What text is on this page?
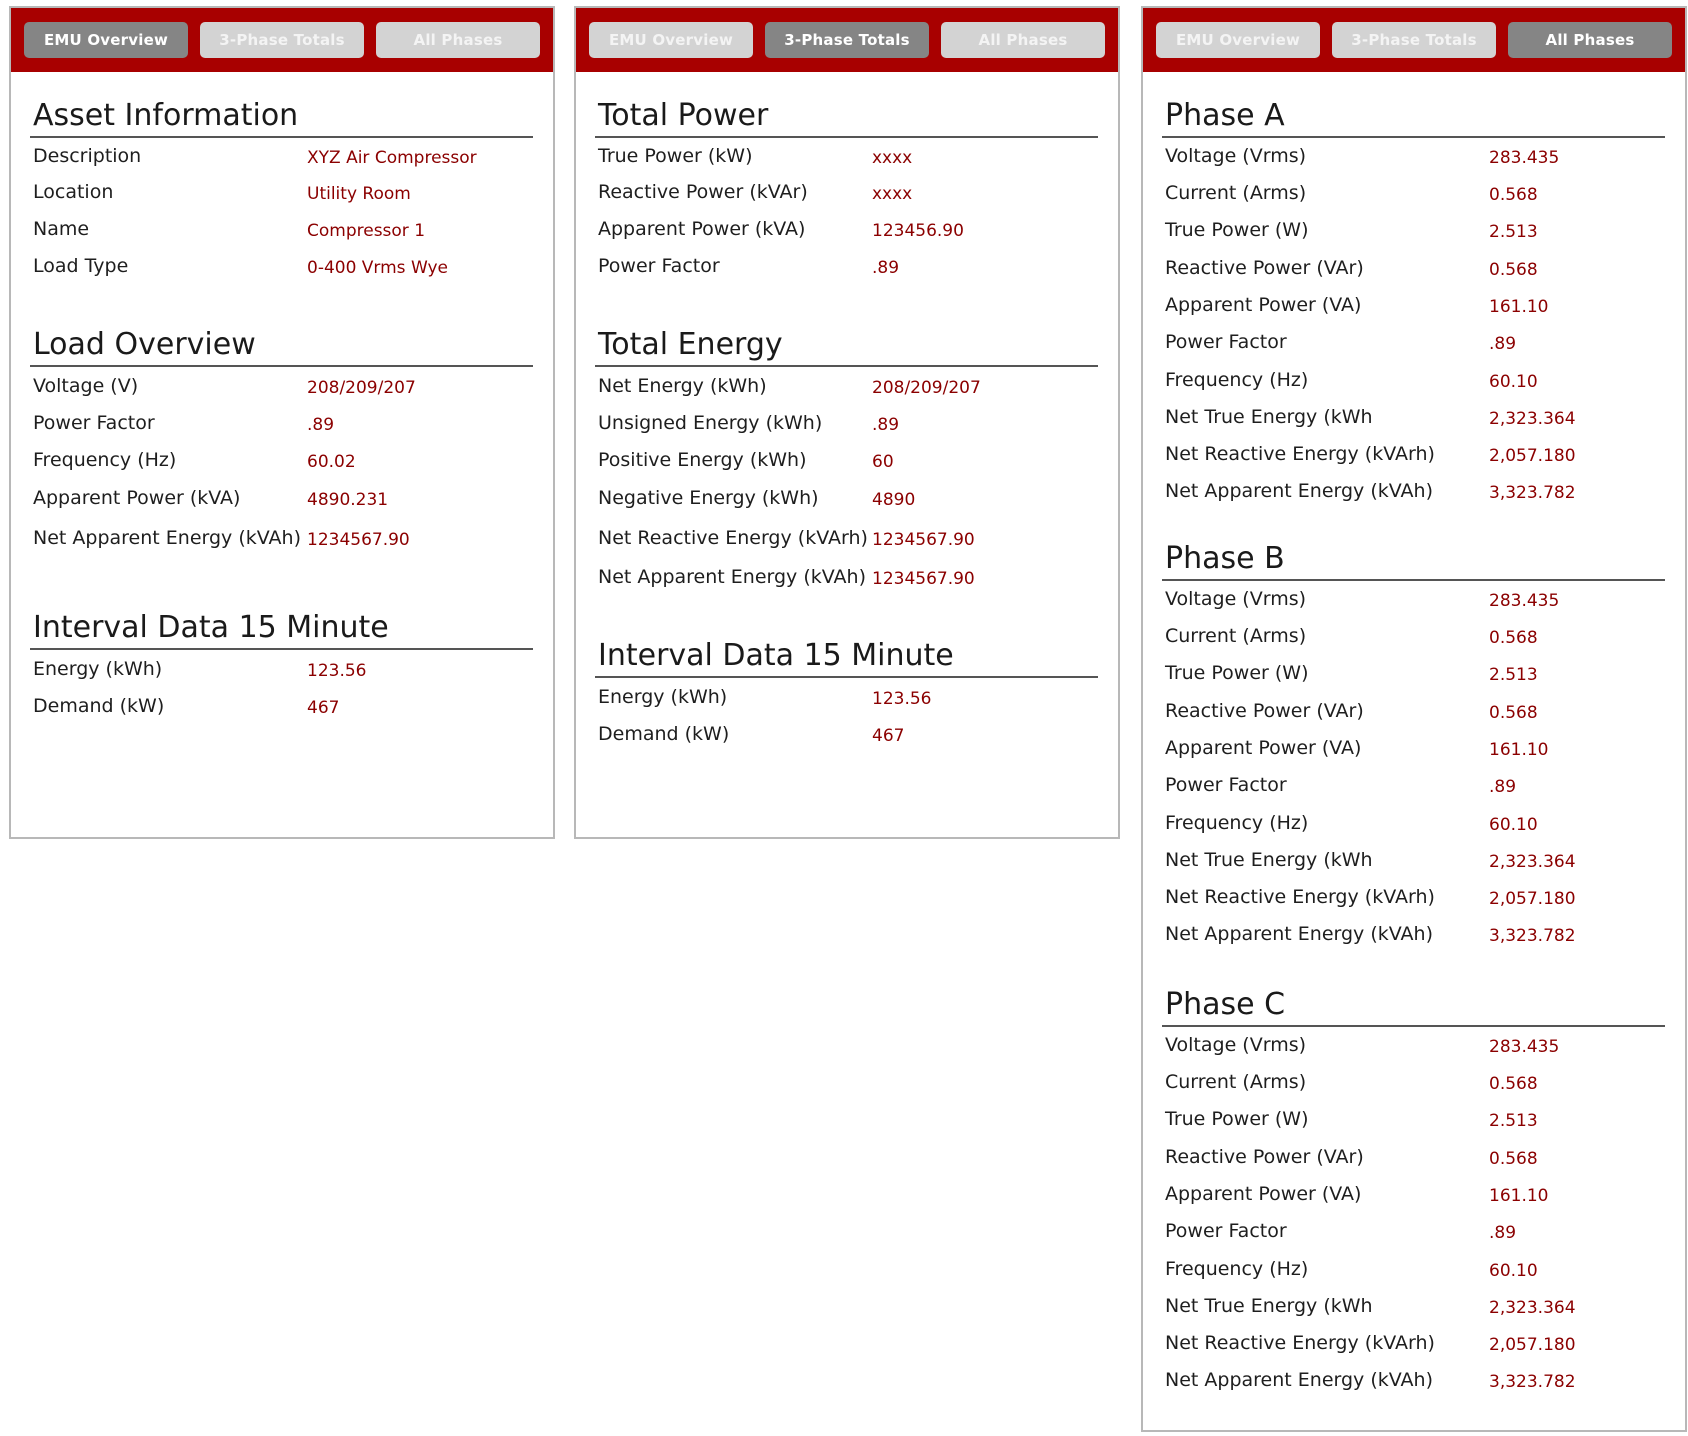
EMU Overview	3-Phase Totals	All Phases
Asset Information
Description	XYZ Air Compressor
Location	Utility Room
Name	Compressor 1
Load Type	0-400 Vrms Wye
Load Overview
Voltage (V)	208/209/207
Power Factor	.89
Frequency (Hz)	60.02
Apparent Power (kVA)	4890.231
Net Apparent Energy (kVAh) 1234567.90
Interval Data 15 Minute
Energy (kWh)	123.56
Demand (kW)	467
EMU Overview	3-Phase Totals	All Phases
Total Power
True Power (kW)	xxxx
Reactive Power (kVAr)	xxxx
Apparent Power (kVA)	123456.90
Power Factor	.89
Total Energy
Net Energy (kWh)	208/209/207
Unsigned Energy (kWh)	.89
Positive Energy (kWh)	60
Negative Energy (kWh)	4890
Net Reactive Energy (kVArh) 1234567.90
Net Apparent Energy (kVAh) 1234567.90
Interval Data 15 Minute
Energy (kWh)	123.56
Demand (kW)	467
EMU Overview	3-Phase Totals	All Phases
Phase A
Voltage (Vrms)	283.435
Current (Arms)	0.568
True Power (W)	2.513
Reactive Power (VAr)	0.568
Apparent Power (VA)	161.10
Power Factor	.89
Frequency (Hz)	60.10
Net True Energy (kWh	2,323.364
Net Reactive Energy (kVArh)	2,057.180
Net Apparent Energy (kVAh)	3,323.782
Phase B
Voltage (Vrms)	283.435
Current (Arms)	0.568
True Power (W)	2.513
Reactive Power (VAr)	0.568
Apparent Power (VA)	161.10
Power Factor	.89
Frequency (Hz)	60.10
Net True Energy (kWh	2,323.364
Net Reactive Energy (kVArh)	2,057.180
Net Apparent Energy (kVAh)	3,323.782
Phase C
Voltage (Vrms)	283.435
Current (Arms)	0.568
True Power (W)	2.513
Reactive Power (VAr)	0.568
Apparent Power (VA)	161.10
Power Factor	.89
Frequency (Hz)	60.10
Net True Energy (kWh	2,323.364
Net Reactive Energy (kVArh)	2,057.180
Net Apparent Energy (kVAh)	3,323.782
